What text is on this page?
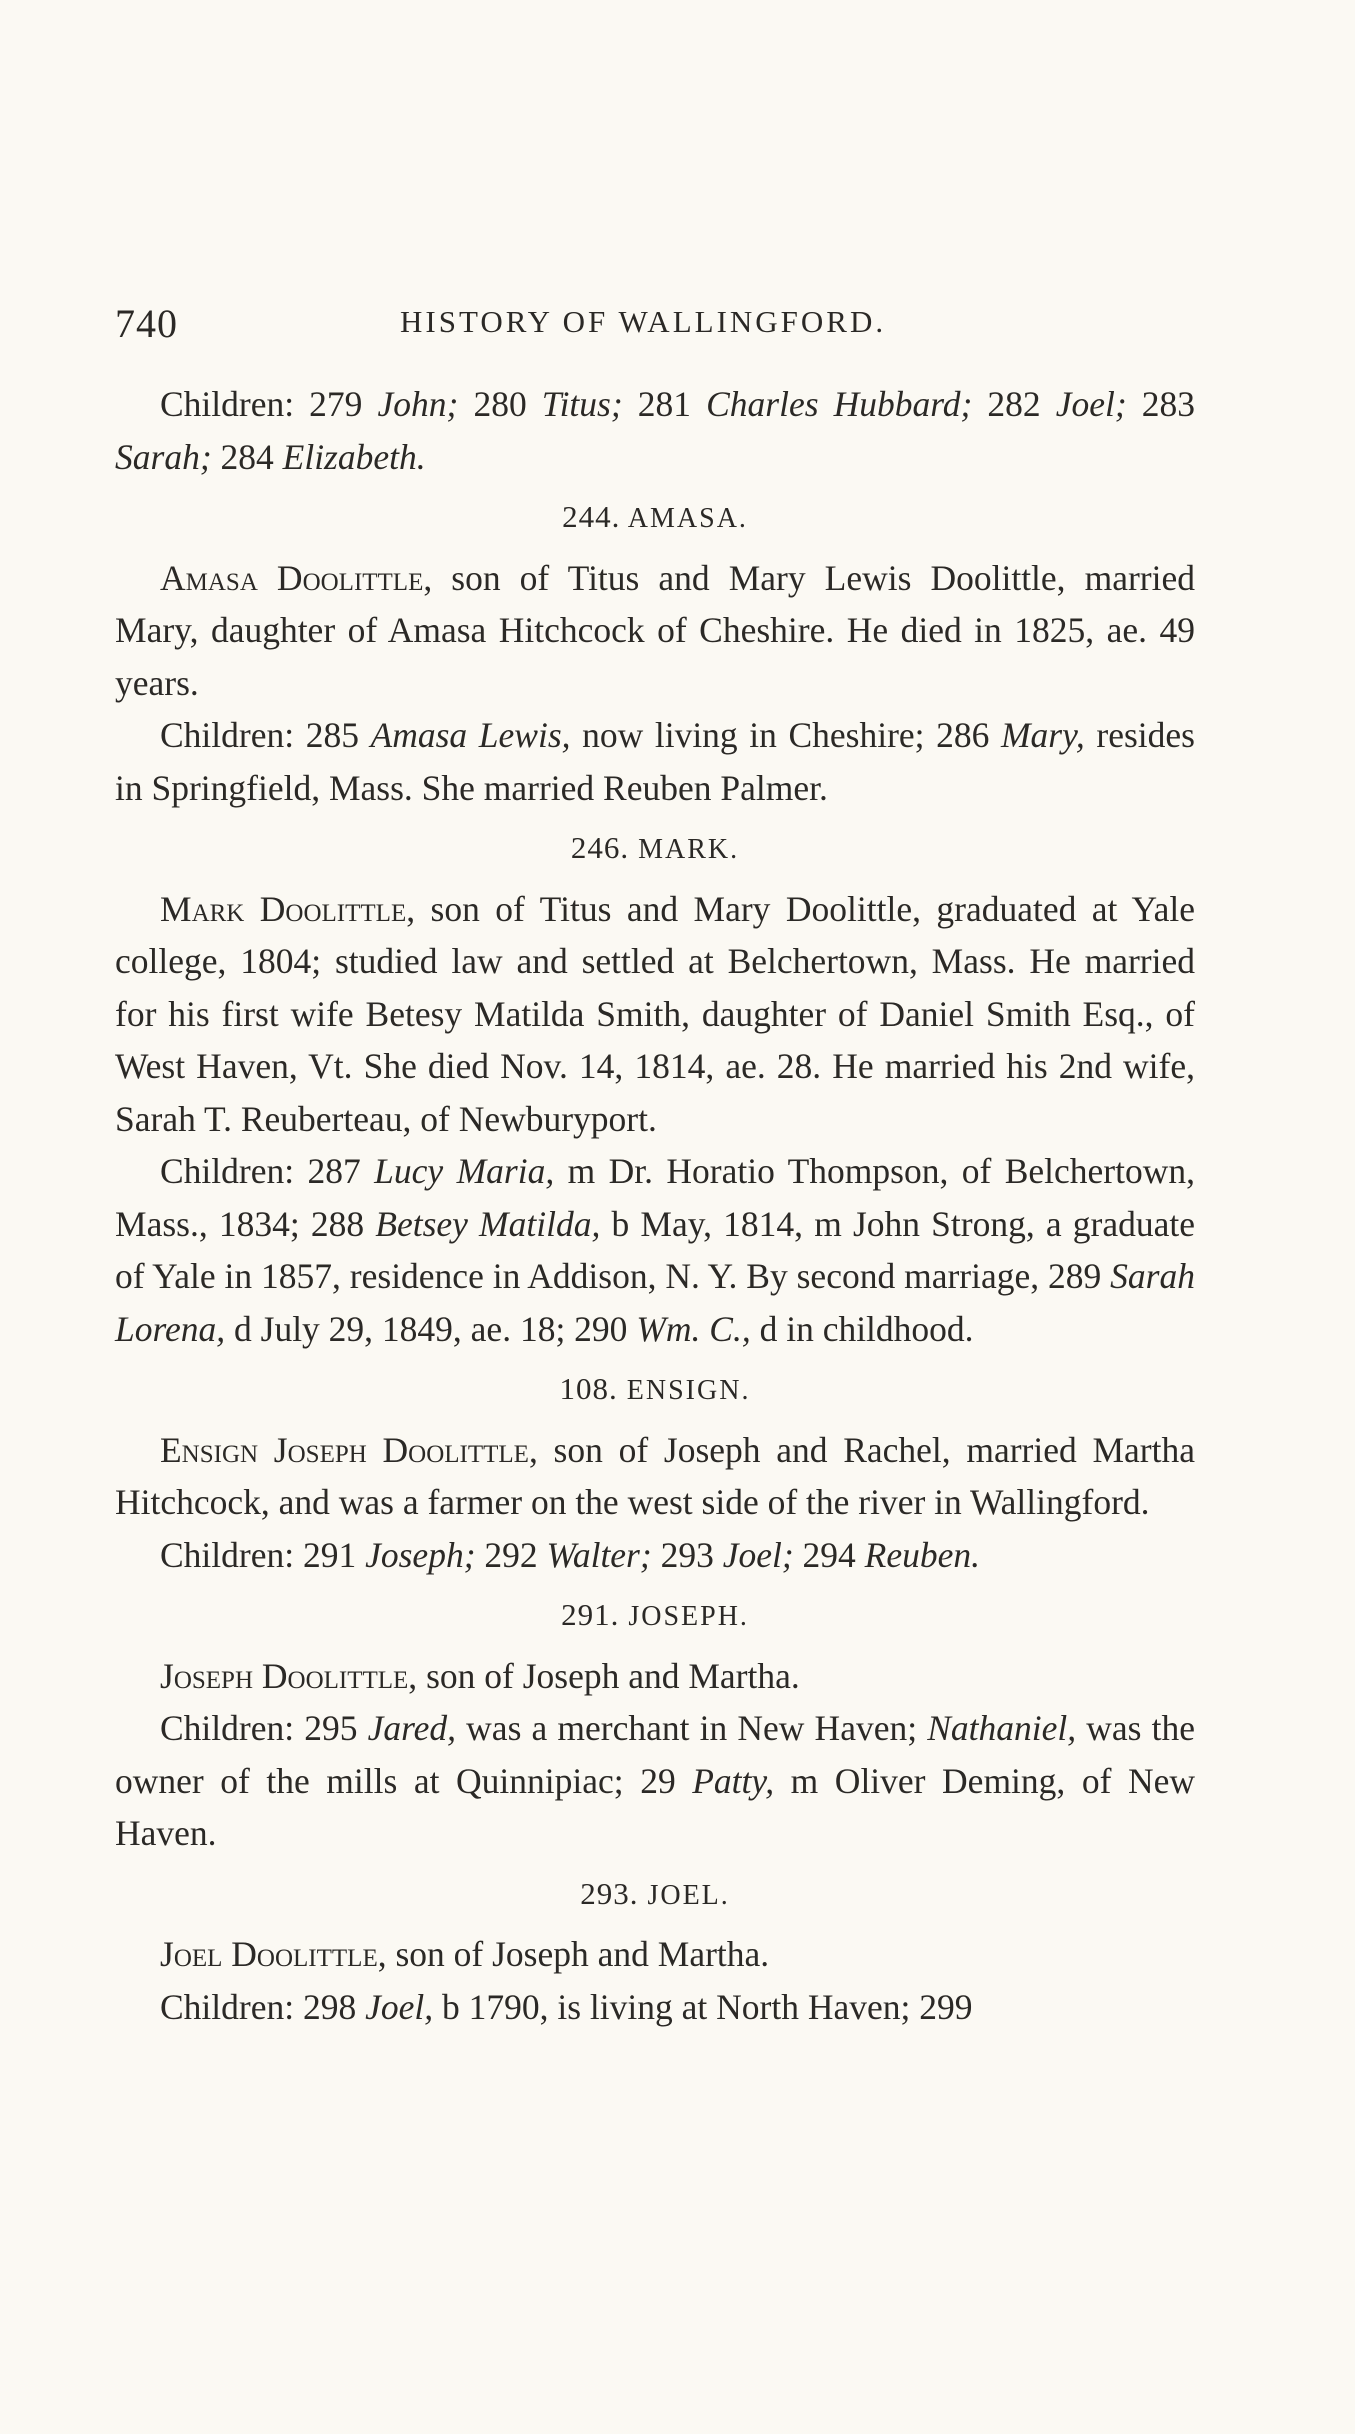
740	HISTORY OF WALLINGFORD.

Children: 279 John; 280 Titus; 281 Charles Hubbard; 282 Joel; 283 Sarah; 284 Elizabeth.

244. AMASA.

Amasa Doolittle, son of Titus and Mary Lewis Doolittle, married Mary, daughter of Amasa Hitchcock of Cheshire. He died in 1825, ae. 49 years.

Children: 285 Amasa Lewis, now living in Cheshire; 286 Mary, resides in Springfield, Mass. She married Reuben Palmer.

246. MARK.

Mark Doolittle, son of Titus and Mary Doolittle, graduated at Yale college, 1804; studied law and settled at Belchertown, Mass. He married for his first wife Betesy Matilda Smith, daughter of Daniel Smith Esq., of West Haven, Vt. She died Nov. 14, 1814, ae. 28. He married his 2nd wife, Sarah T. Reuberteau, of Newburyport.

Children: 287 Lucy Maria, m Dr. Horatio Thompson, of Belchertown, Mass., 1834; 288 Betsey Matilda, b May, 1814, m John Strong, a graduate of Yale in 1857, residence in Addison, N. Y. By second marriage, 289 Sarah Lorena, d July 29, 1849, ae. 18; 290 Wm. C., d in childhood.

108. ENSIGN.

Ensign Joseph Doolittle, son of Joseph and Rachel, married Martha Hitchcock, and was a farmer on the west side of the river in Wallingford.

Children: 291 Joseph; 292 Walter; 293 Joel; 294 Reuben.

291. JOSEPH.

Joseph Doolittle, son of Joseph and Martha.

Children: 295 Jared, was a merchant in New Haven; Nathaniel, was the owner of the mills at Quinnipiac; 29 Patty, m Oliver Deming, of New Haven.

293. JOEL.

Joel Doolittle, son of Joseph and Martha.

Children: 298 Joel, b 1790, is living at North Haven; 299
